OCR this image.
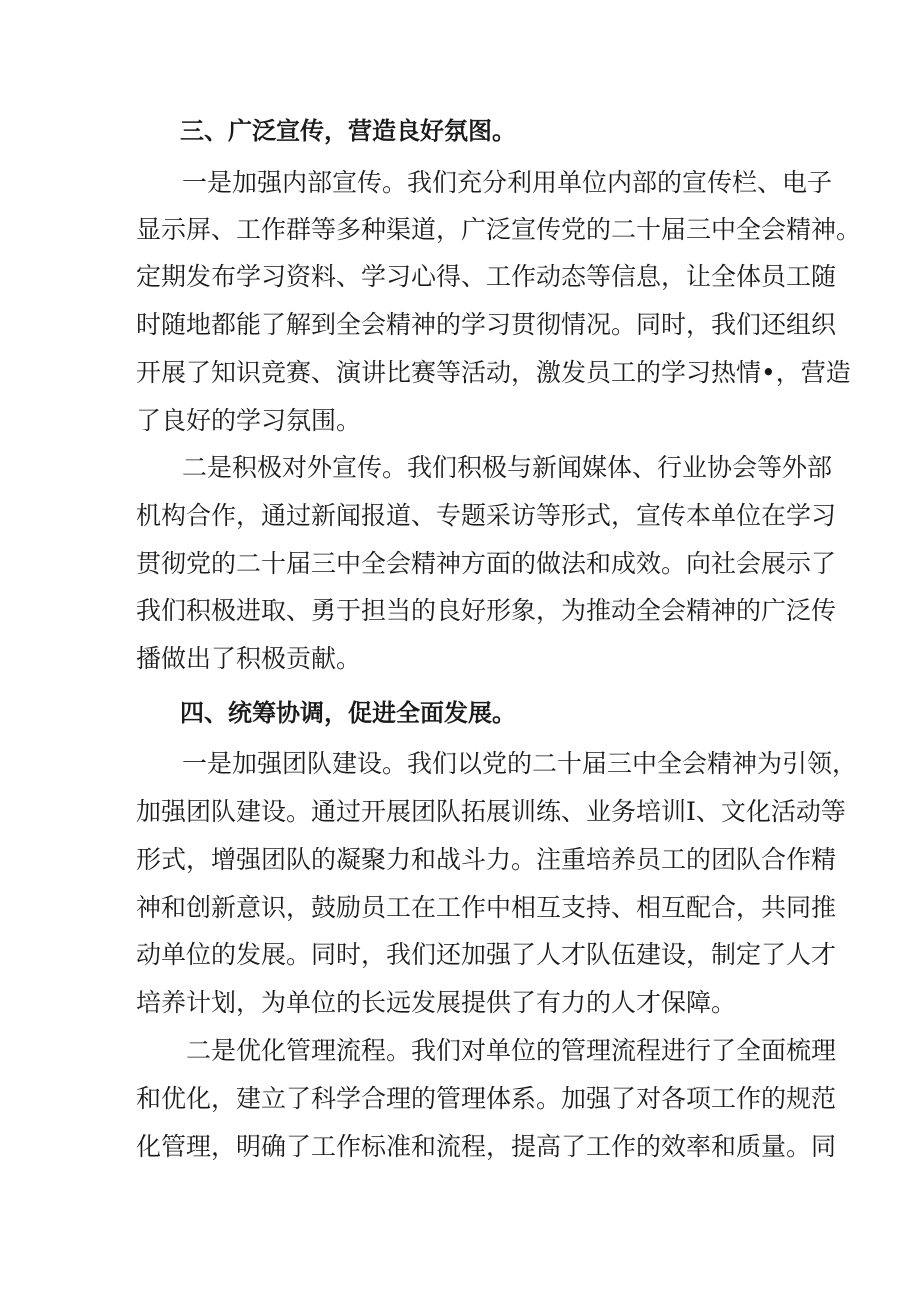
三、广泛宣传，营造良好氛图。
一是加强内部宣传。我们充分利用单位内部的宣传栏、电子
显示屏、工作群等多种渠道，广泛宣传党的二十届三中全会精神。
定期发布学习资料、学习心得、工作动态等信息，让全体员工随
时随地都能了解到全会精神的学习贯彻情况。同时，我们还组织
开展了知识竞赛、演讲比赛等活动，激发员工的学习热情•，营造
了良好的学习氛围。
二是积极对外宣传。我们积极与新闻媒体、行业协会等外部
机构合作，通过新闻报道、专题采访等形式，宣传本单位在学习
贯彻党的二十届三中全会精神方面的做法和成效。向社会展示了
我们积极进取、勇于担当的良好形象，为推动全会精神的广泛传
播做出了积极贡献。
四、统筹协调，促进全面发展。
一是加强团队建设。我们以党的二十届三中全会精神为引领，
加强团队建设。通过开展团队拓展训练、业务培训I、文化活动等
形式，增强团队的凝聚力和战斗力。注重培养员工的团队合作精
神和创新意识，鼓励员工在工作中相互支持、相互配合，共同推
动单位的发展。同时，我们还加强了人才队伍建设，制定了人才
培养计划，为单位的长远发展提供了有力的人才保障。
二是优化管理流程。我们对单位的管理流程进行了全面梳理
和优化，建立了科学合理的管理体系。加强了对各项工作的规范
化管理，明确了工作标准和流程，提高了工作的效率和质量。同
